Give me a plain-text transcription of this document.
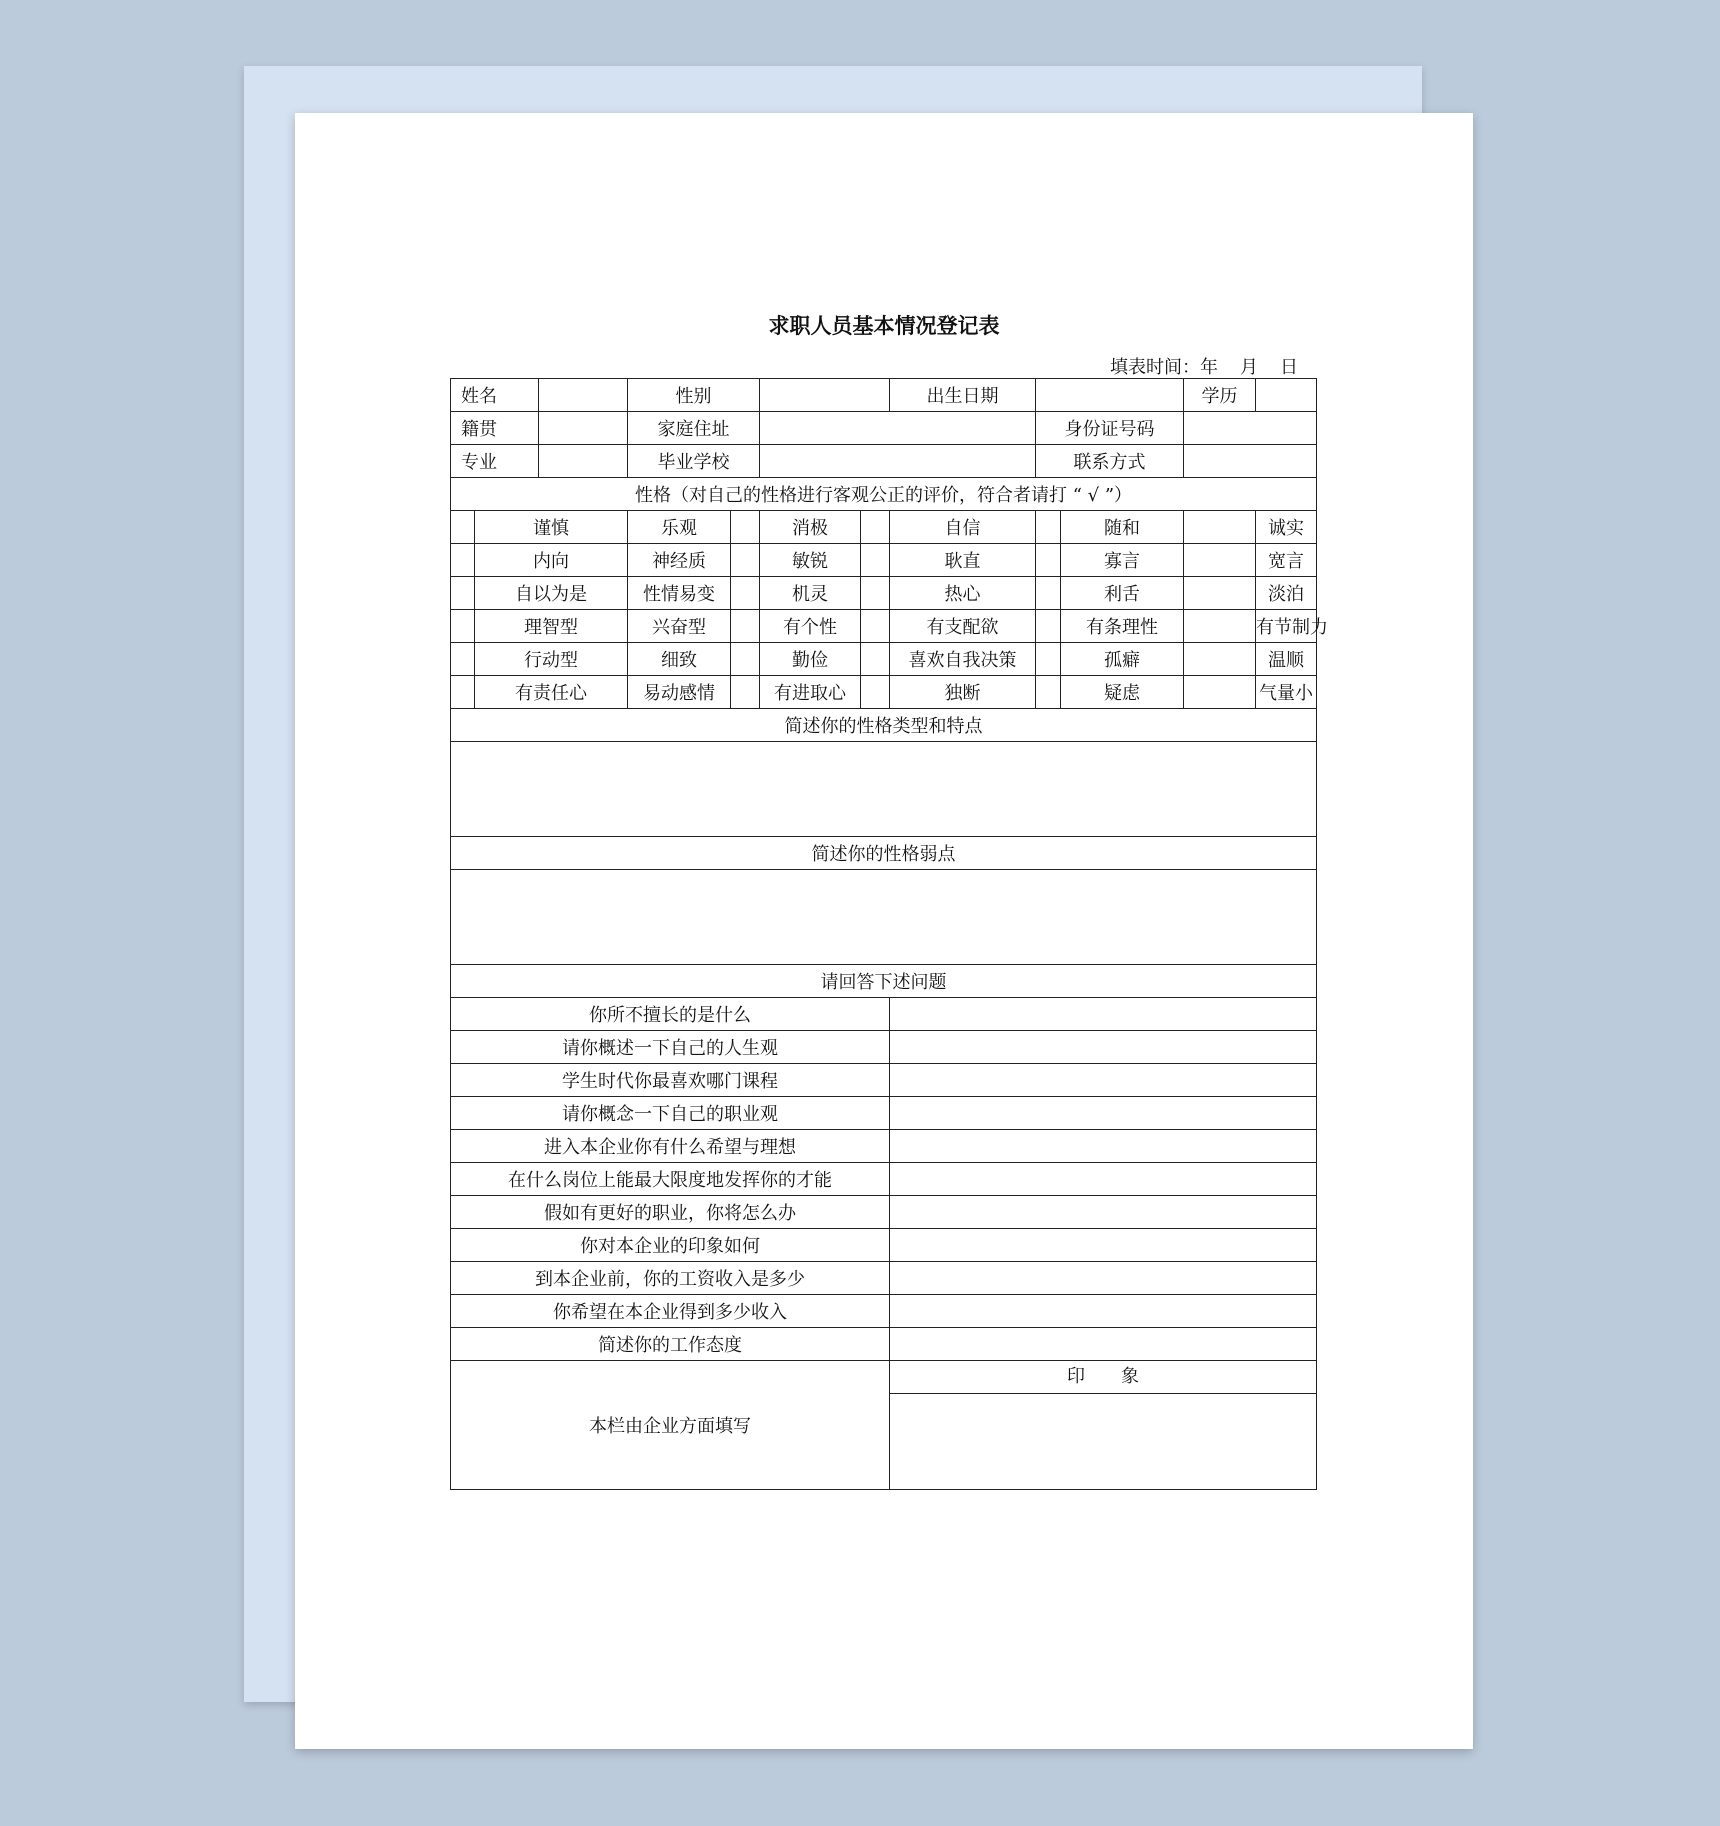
求职人员基本情况登记表
填表时间：年 月 日
姓名			性别				出生日期			学历	
籍贯			家庭住址					身份证号码			
专业			毕业学校					联系方式			
性格（对自己的性格进行客观公正的评价，符合者请打 “ √ ”）											
	谨慎		乐观		消极		自信		随和		诚实
	内向		神经质		敏锐		耿直		寡言		宽言
	自以为是		性情易变		机灵		热心		利舌		淡泊
	理智型		兴奋型		有个性		有支配欲		有条理性		有节制力
	行动型		细致		勤俭		喜欢自我决策		孤癖		温顺
	有责任心		易动感情		有进取心		独断		疑虑		气量小
简述你的性格类型和特点											

简述你的性格弱点											

请回答下述问题											
你所不擅长的是什么											
请你概述一下自己的人生观											
学生时代你最喜欢哪门课程											
请你概念一下自己的职业观											
进入本企业你有什么希望与理想											
在什么岗位上能最大限度地发挥你的才能											
假如有更好的职业，你将怎么办											
你对本企业的印象如何											
到本企业前，你的工资收入是多少											
你希望在本企业得到多少收入											
简述你的工作态度											
本栏由企业方面填写							印　　象				
